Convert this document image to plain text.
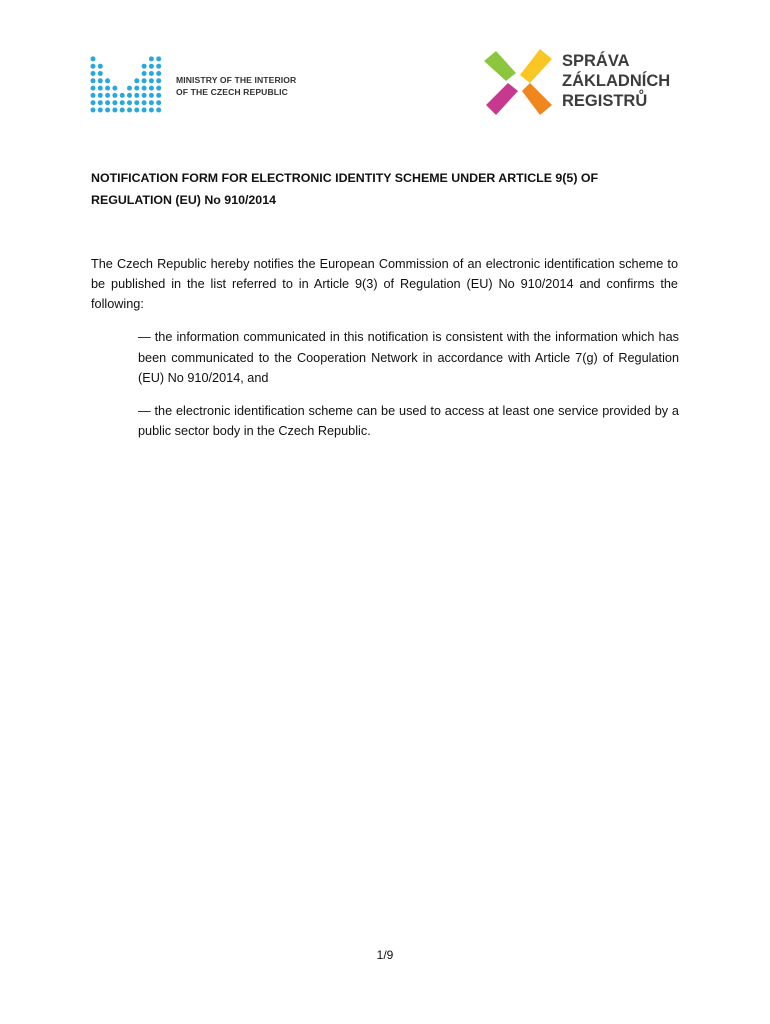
MINISTRY OF THE INTERIOR
OF THE CZECH REPUBLIC
SPRÁVA
ZÁKLADNÍCH
REGISTRŮ
NOTIFICATION FORM FOR ELECTRONIC IDENTITY SCHEME UNDER ARTICLE 9(5) OF
REGULATION (EU) No 910/2014
The Czech Republic hereby notifies the European Commission of an electronic identification scheme to be published in the list referred to in Article 9(3) of Regulation (EU) No 910/2014 and confirms the following:
— the information communicated in this notification is consistent with the information which has been communicated to the Cooperation Network in accordance with Article 7(g) of Regulation (EU) No 910/2014, and
— the electronic identification scheme can be used to access at least one service provided by a public sector body in the Czech Republic.
1/9
